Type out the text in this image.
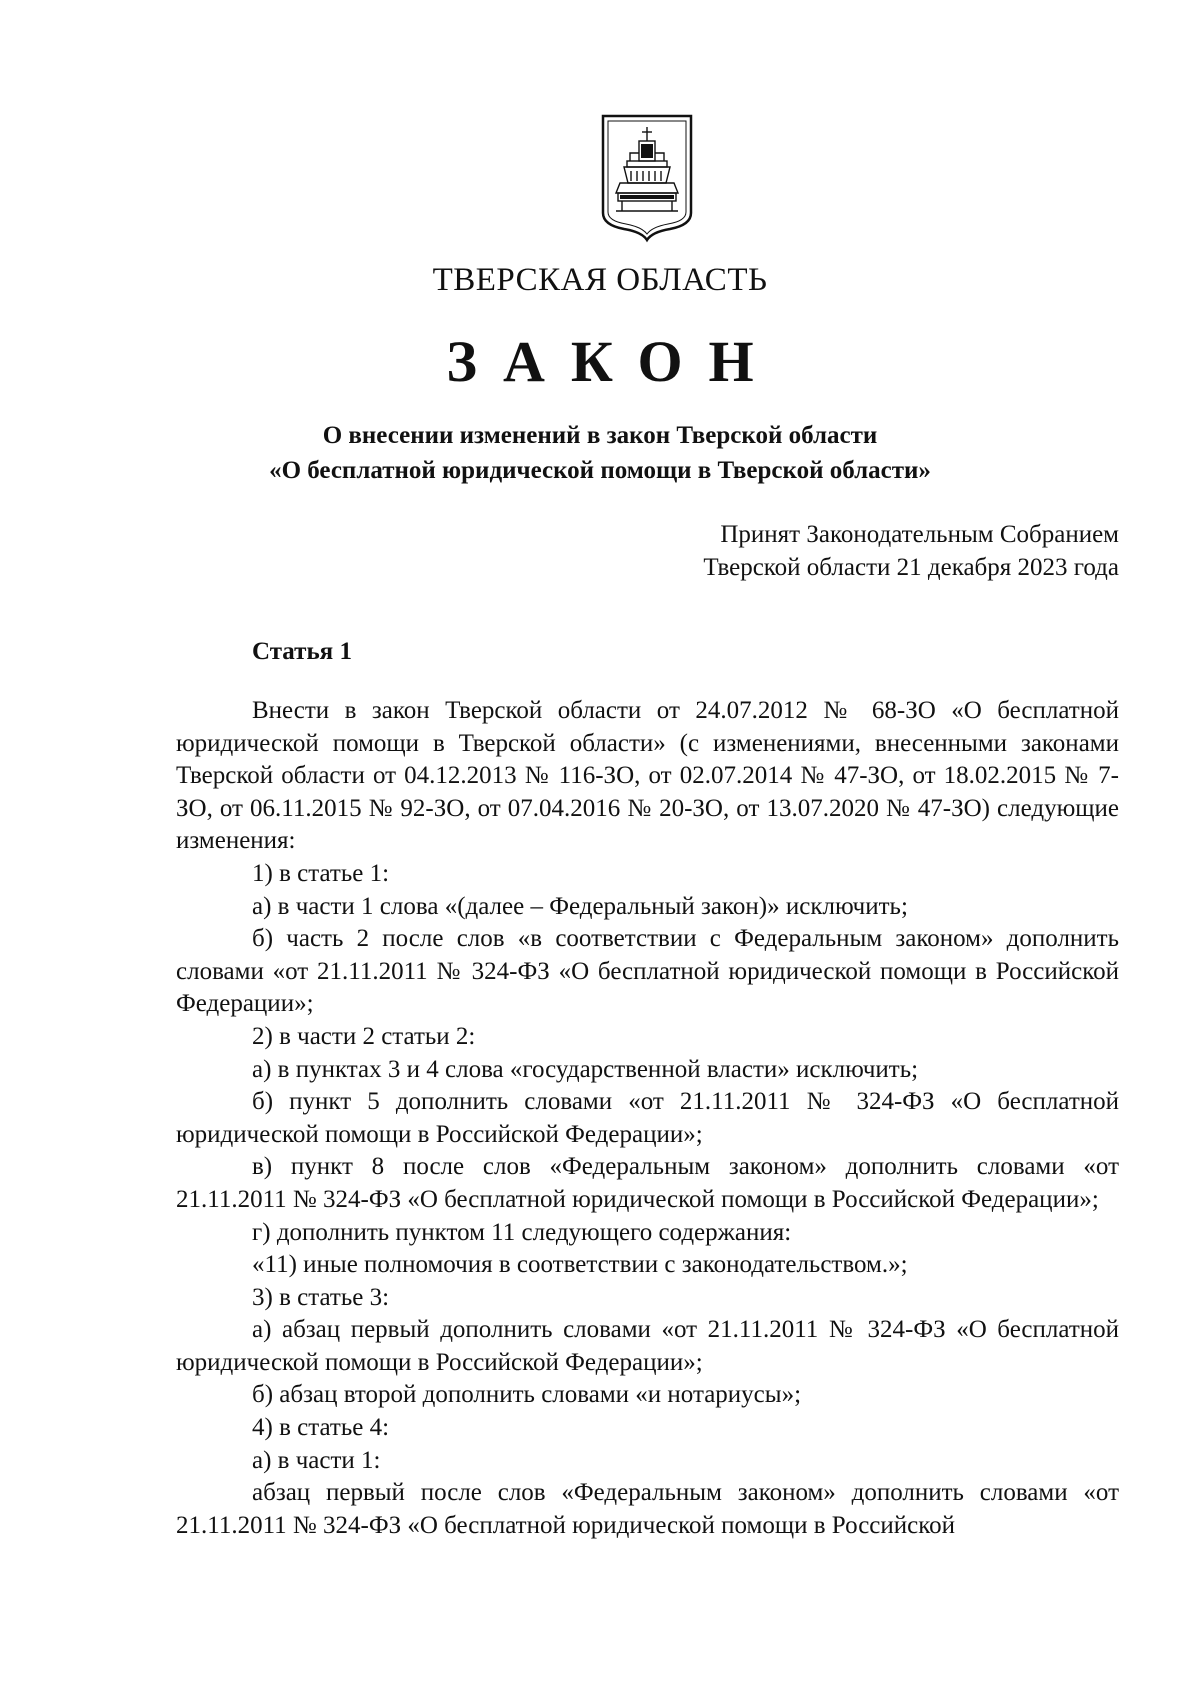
ТВЕРСКАЯ ОБЛАСТЬ
ЗАКОН
О внесении изменений в закон Тверской области
«О бесплатной юридической помощи в Тверской области»
Принят Законодательным Собранием
Тверской области 21 декабря 2023 года
Статья 1

Внести в закон Тверской области от 24.07.2012 № 68-ЗО «О бесплатной юридической помощи в Тверской области» (с изменениями, внесенными законами Тверской области от 04.12.2013 № 116-ЗО, от 02.07.2014 № 47-ЗО, от 18.02.2015 № 7-ЗО, от 06.11.2015 № 92-ЗО, от 07.04.2016 № 20-ЗО, от 13.07.2020 № 47-ЗО) следующие изменения:

1) в статье 1:

а) в части 1 слова «(далее – Федеральный закон)» исключить;

б) часть 2 после слов «в соответствии с Федеральным законом» дополнить словами «от 21.11.2011 № 324-ФЗ «О бесплатной юридической помощи в Российской Федерации»;

2) в части 2 статьи 2:

а) в пунктах 3 и 4 слова «государственной власти» исключить;

б) пункт 5 дополнить словами «от 21.11.2011 № 324-ФЗ «О бесплатной юридической помощи в Российской Федерации»;

в) пункт 8 после слов «Федеральным законом» дополнить словами «от 21.11.2011 № 324-ФЗ «О бесплатной юридической помощи в Российской Федерации»;

г) дополнить пунктом 11 следующего содержания:

«11) иные полномочия в соответствии с законодательством.»;

3) в статье 3:

а) абзац первый дополнить словами «от 21.11.2011 № 324-ФЗ «О бесплатной юридической помощи в Российской Федерации»;

б) абзац второй дополнить словами «и нотариусы»;

4) в статье 4:

а) в части 1:

абзац первый после слов «Федеральным законом» дополнить словами «от 21.11.2011 № 324-ФЗ «О бесплатной юридической помощи в Российской
